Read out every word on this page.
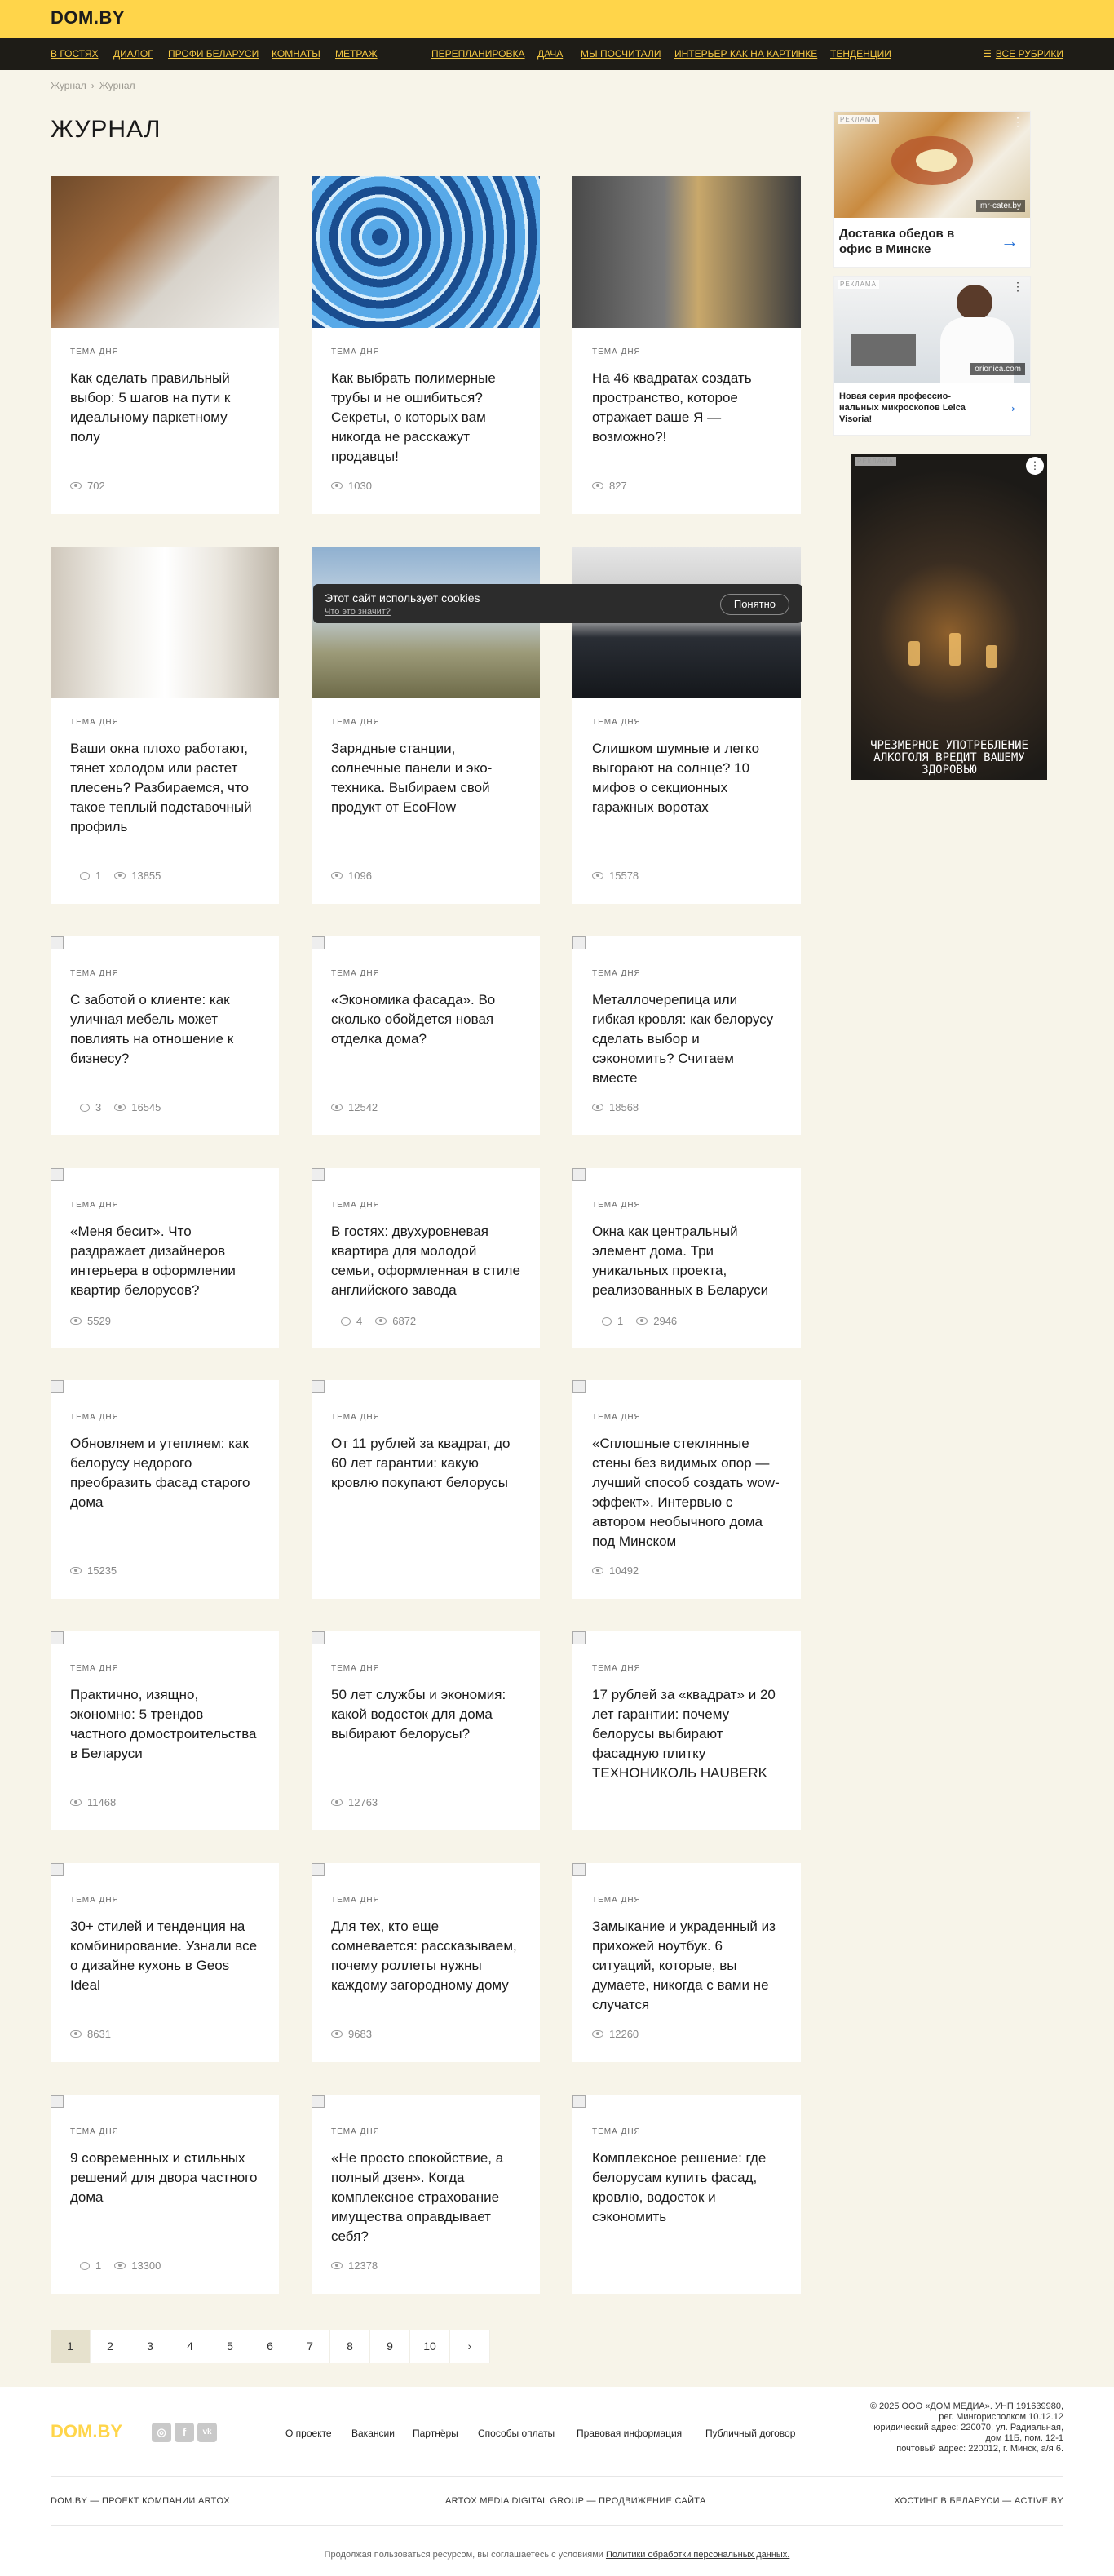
DOM.BY
В ГОСТЯХ ДИАЛОГ ПРОФИ БЕЛАРУСИ КОМНАТЫ МЕТРАЖ	ПЕРЕПЛАНИРОВКА ДАЧА МЫ ПОСЧИТАЛИ ИНТЕРЬЕР КАК НА КАРТИНКЕ ТЕНДЕНЦИИ	☰ ВСЕ РУБРИКИ
Журнал › Журнал
ЖУРНАЛ
ТЕМА ДНЯ
Как сделать правильный выбор: 5 шагов на пути к идеальному паркетному полу
702
ТЕМА ДНЯ
Как выбрать полимерные трубы и не ошибиться? Секреты, о которых вам никогда не расскажут продавцы!
1030
ТЕМА ДНЯ
На 46 квадратах создать пространство, которое отражает ваше Я — возможно?!
827
ТЕМА ДНЯ
Ваши окна плохо работают, тянет холодом или растет плесень? Разбираемся, что такое теплый подставочный профиль
1	13855
ТЕМА ДНЯ
Зарядные станции, солнечные панели и эко-техника. Выбираем свой продукт от EcoFlow
1096
ТЕМА ДНЯ
Слишком шумные и легко выгорают на солнце? 10 мифов о секционных гаражных воротах
15578
ТЕМА ДНЯ
С заботой о клиенте: как уличная мебель может повлиять на отношение к бизнесу?
3	16545
ТЕМА ДНЯ
«Экономика фасада». Во сколько обойдется новая отделка дома?
12542
ТЕМА ДНЯ
Металлочерепица или гибкая кровля: как белорусу сделать выбор и сэкономить? Считаем вместе
18568
ТЕМА ДНЯ
«Меня бесит». Что раздражает дизайнеров интерьера в оформлении квартир белорусов?
5529
ТЕМА ДНЯ
В гостях: двухуровневая квартира для молодой семьи, оформленная в стиле английского завода
4	6872
ТЕМА ДНЯ
Окна как центральный элемент дома. Три уникальных проекта, реализованных в Беларуси
1	2946
ТЕМА ДНЯ
Обновляем и утепляем: как белорусу недорого преобразить фасад старого дома
15235
ТЕМА ДНЯ
От 11 рублей за квадрат, до 60 лет гарантии: какую кровлю покупают белорусы
ТЕМА ДНЯ
«Сплошные стеклянные стены без видимых опор — лучший способ создать wow-эффект». Интервью с автором необычного дома под Минском
10492
ТЕМА ДНЯ
Практично, изящно, экономно: 5 трендов частного домостроительства в Беларуси
11468
ТЕМА ДНЯ
50 лет службы и экономия: какой водосток для дома выбирают белорусы?
12763
ТЕМА ДНЯ
17 рублей за «квадрат» и 20 лет гарантии: почему белорусы выбирают фасадную плитку ТЕХНОНИКОЛЬ HAUBERK
ТЕМА ДНЯ
30+ стилей и тенденция на комбинирование. Узнали все о дизайне кухонь в Geos Ideal
8631
ТЕМА ДНЯ
Для тех, кто еще сомневается: рассказываем, почему роллеты нужны каждому загородному дому
9683
ТЕМА ДНЯ
Замыкание и украденный из прихожей ноутбук. 6 ситуаций, которые, вы думаете, никогда с вами не случатся
12260
ТЕМА ДНЯ
9 современных и стильных решений для двора частного дома
1	13300
ТЕМА ДНЯ
«Не просто спокойствие, а полный дзен». Когда комплексное страхование имущества оправдывает себя?
12378
ТЕМА ДНЯ
Комплексное решение: где белорусам купить фасад, кровлю, водосток и сэкономить
РЕКЛАМА	⋮
mr-cater.by
Доставка обедов в офис в Минске	→
РЕКЛАМА	⋮
orionica.com
Новая серия профессиональных микроскопов Leica Visoria!
→
РЕКЛАМА	⋮
ЧРЕЗМЕРНОЕ УПОТРЕБЛЕНИЕ АЛКОГОЛЯ ВРЕДИТ ВАШЕМУ ЗДОРОВЬЮ
Этот сайт использует cookies
Что это значит?
Понятно
1	2	3	4	5	6	7	8	9	10	›
DOM.BY	◎	f	vk	О проекте Вакансии Партнёры Способы оплаты Правовая информация Публичный договор
© 2025 ООО «ДОМ МЕДИА». УНП 191639980,
рег. Мингорисполком 10.12.12
юридический адрес: 220070, ул. Радиальная,
дом 11Б, пом. 12-1
почтовый адрес: 220012, г. Минск, а/я 6.
DOM.BY — ПРОЕКТ КОМПАНИИ ARTOX	ARTOX MEDIA DIGITAL GROUP — ПРОДВИЖЕНИЕ САЙТА	ХОСТИНГ В БЕЛАРУСИ — ACTIVE.BY
Продолжая пользоваться ресурсом, вы соглашаетесь с условиями Политики обработки персональных данных.
